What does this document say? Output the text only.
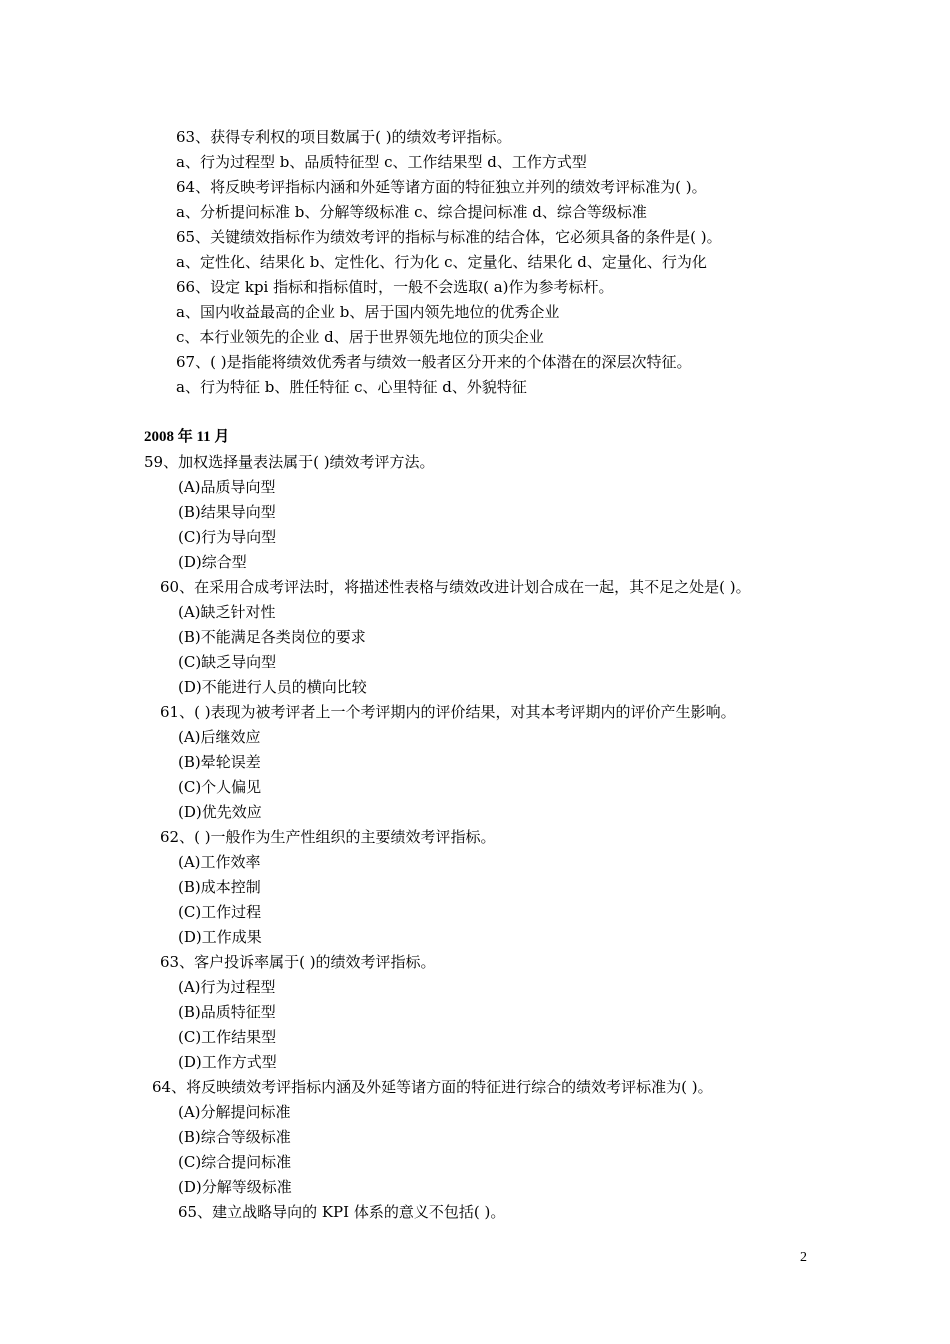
63、获得专利权的项目数属于( )的绩效考评指标。
a、行为过程型 b、品质特征型 c、工作结果型 d、工作方式型
64、将反映考评指标内涵和外延等诸方面的特征独立并列的绩效考评标准为( )。
a、分析提问标准 b、分解等级标准 c、综合提问标准 d、综合等级标准
65、关键绩效指标作为绩效考评的指标与标准的结合体，它必须具备的条件是( )。
a、定性化、结果化 b、定性化、行为化 c、定量化、结果化 d、定量化、行为化
66、设定 kpi 指标和指标值时，一般不会选取( a)作为参考标杆。
a、国内收益最高的企业 b、居于国内领先地位的优秀企业
c、本行业领先的企业 d、居于世界领先地位的顶尖企业
67、( )是指能将绩效优秀者与绩效一般者区分开来的个体潜在的深层次特征。
a、行为特征 b、胜任特征 c、心里特征 d、外貌特征
2008 年 11 月
59、加权选择量表法属于( )绩效考评方法。
(A)品质导向型
(B)结果导向型
(C)行为导向型
(D)综合型
60、在采用合成考评法时，将描述性表格与绩效改进计划合成在一起，其不足之处是( )。
(A)缺乏针对性
(B)不能满足各类岗位的要求
(C)缺乏导向型
(D)不能进行人员的横向比较
61、( )表现为被考评者上一个考评期内的评价结果，对其本考评期内的评价产生影响。
(A)后继效应
(B)晕轮误差
(C)个人偏见
(D)优先效应
62、( )一般作为生产性组织的主要绩效考评指标。
(A)工作效率
(B)成本控制
(C)工作过程
(D)工作成果
63、客户投诉率属于( )的绩效考评指标。
(A)行为过程型
(B)品质特征型
(C)工作结果型
(D)工作方式型
64、将反映绩效考评指标内涵及外延等诸方面的特征进行综合的绩效考评标准为( )。
(A)分解提问标准
(B)综合等级标准
(C)综合提问标准
(D)分解等级标准
65、建立战略导向的 KPI 体系的意义不包括( )。
2
